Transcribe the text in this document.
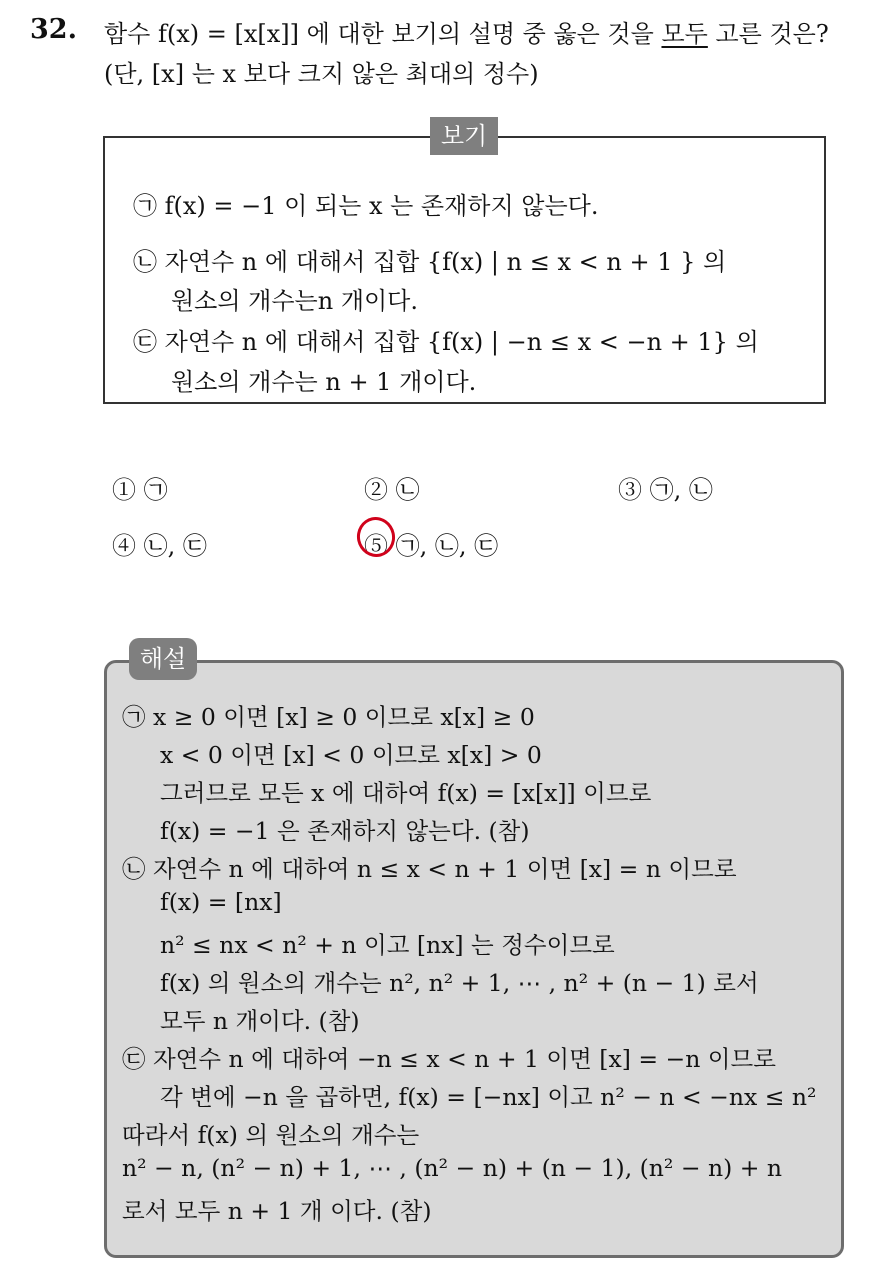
32. 함수 f(x) = [x[x]] 에 대한 보기의 설명 중 옳은 것을 모두 고른 것은?
(단, [x] 는 x 보다 크지 않은 최대의 정수)
보기
㉠ f(x) = −1 이 되는 x 는 존재하지 않는다.
㉡ 자연수 n 에 대해서 집합 {f(x) | n ≤ x < n + 1 } 의
원소의 개수는n 개이다.
㉢ 자연수 n 에 대해서 집합 {f(x) | −n ≤ x < −n + 1} 의
원소의 개수는 n + 1 개이다.
① ㉠	② ㉡	③ ㉠, ㉡
④ ㉡, ㉢	⑤ ㉠, ㉡, ㉢
해설
㉠ x ≥ 0 이면 [x] ≥ 0 이므로 x[x] ≥ 0
x < 0 이면 [x] < 0 이므로 x[x] > 0
그러므로 모든 x 에 대하여 f(x) = [x[x]] 이므로
f(x) = −1 은 존재하지 않는다. (참)
㉡ 자연수 n 에 대하여 n ≤ x < n + 1 이면 [x] = n 이므로
f(x) = [nx]
n² ≤ nx < n² + n 이고 [nx] 는 정수이므로
f(x) 의 원소의 개수는 n², n² + 1, ⋯ , n² + (n − 1) 로서
모두 n 개이다. (참)
㉢ 자연수 n 에 대하여 −n ≤ x < n + 1 이면 [x] = −n 이므로
각 변에 −n 을 곱하면, f(x) = [−nx] 이고 n² − n < −nx ≤ n²
따라서 f(x) 의 원소의 개수는
n² − n, (n² − n) + 1, ⋯ , (n² − n) + (n − 1), (n² − n) + n
로서 모두 n + 1 개 이다. (참)
